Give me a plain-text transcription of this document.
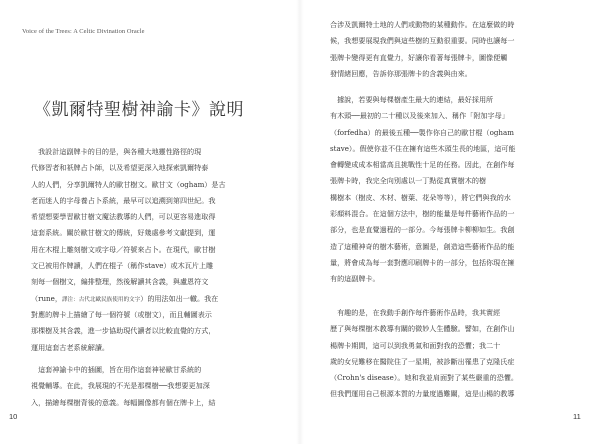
Voice of the Trees: A Celtic Divination Oracle
《凱爾特聖樹神諭卡》說明
　我設計這副牌卡的目的是，與各種大地靈性路徑的現
代修習者和祇牌占卜師，以及希望更深入地探索凱爾特泰
人的人們，分享凱爾特人的歐甘樹文。歐甘文（ogham）是古
老而迷人的字母養占卜系統，最早可以追溯到第四世紀。我
希望想要學習歐甘樹文魔法教導的人們，可以更容易進取得
這套系統。關於歐甘樹文的傳統，好幾處參考文獻提到，運
用在木棍上雕刻樹文或字母／符號來占卜。在現代，歐甘樹
文已被用作牌讀，人們在棍子（稱作stave）或木瓦片上雕
刻每一個樹文，編排整理，然後解讀其含義，與盧恩符文
（rune，譯注：古代北歐民族使用的文字）的用法如出一轍。我在
對應的牌卡上描繪了每一個符號（或樹文），而且輔圖表示
那棵樹及其含義，進一步協助現代讀者以比較直覺的方式，
運用這套古老系統解讀。
　這套神諭卡中的插圖，旨在用作這套神祕歐甘系統的
視覺輔導。在此，我展現的不光是那棵樹──我想要更加深
入，描繪每棵樹背後的意義。每幅圖像都有個在牌卡上，結
10	11
合涉及凱爾特土地的人們或動物的某種動作。在這麼做的時
候，我想要展現我們與這些樹的互動很重要。同時也讓每一
張牌卡變得更有直覺力，好讓你看著每張牌卡，圖像便觸
發情緒回應，告訴你那張牌卡的含義與由來。
　據說，若要與每棵樹產生最大的連結，最好採用所
有木頭──最初的二十種以及後來加入、稱作「附加字母」
（forfedha）的最後五種──製作你自己的歐甘棍（ogham
stave）。假使你並不住在擁有這些木頭生長的地區，這可能
會轉變成成本相當高且挑戰性十足的任務。因此，在創作每
張牌卡時，我完全向別處以一丁點從真實樹木的樹
構樹本（樹皮、木材、樹葉、花朵等等），將它們與我的水
彩顏料混合。在這個方法中，樹的能量是每件藝術作品的一
部分，也是直覺過程的一部分。今每張牌卡柳柳如生。我創
造了這種神奇的樹木藝術，意圖是，創造這些藝術作品的能
量，將會成為每一套對應印刷牌卡的一部分，包括你現在擁
有的這副牌卡。
　有趣的是，在我動手創作每件藝術作品時，我其實經
歷了與每棵樹木教導有關的微妙人生體驗。譬如，在創作山
楊牌卡期間，這可以到我勇氣和面對我的恐懼；我二十
歲的女兒難移在醫院住了一星期，被診斷出罹患了克隆氏症
（Crohn's disease）。她和我並肩面對了某些嚴重的恐懼。
但我們運用自己根源本質的力量度過難關，這是山楊的教導
